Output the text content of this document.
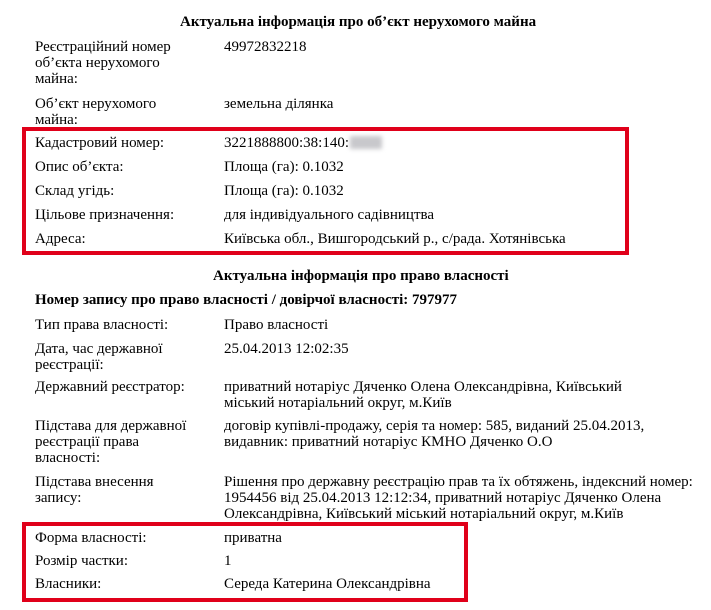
Актуальна інформація про об’єкт нерухомого майна
Реєстраційний номер об’єкта нерухомого майна:
49972832218
Об’єкт нерухомого майна:
земельна ділянка
Кадастровий номер:	3221888800:38:140:
Опис об’єкта:	Площа (га): 0.1032
Склад угідь:	Площа (га): 0.1032
Цільове призначення:	для індивідуального садівництва
Адреса:	Київська обл., Вишгородський р., с/рада. Хотянівська
Актуальна інформація про право власності
Номер запису про право власності / довірчої власності: 797977
Тип права власності:	Право власності
Дата, час державної реєстрації:
25.04.2013 12:02:35
Державний реєстратор:	приватний нотаріус Дяченко Олена Олександрівна, Київський міський нотаріальний округ, м.Київ
Підстава для державної реєстрації права власності:
договір купівлі-продажу, серія та номер: 585, виданий 25.04.2013, видавник: приватний нотаріус КМНО Дяченко О.О
Підстава внесення запису:
Рішення про державну реєстрацію прав та їх обтяжень, індексний номер: 1954456 від 25.04.2013 12:12:34, приватний нотаріус Дяченко Олена Олександрівна, Київський міський нотаріальний округ, м.Київ
Форма власності:	приватна
Розмір частки:	1
Власники:	Середа Катерина Олександрівна
